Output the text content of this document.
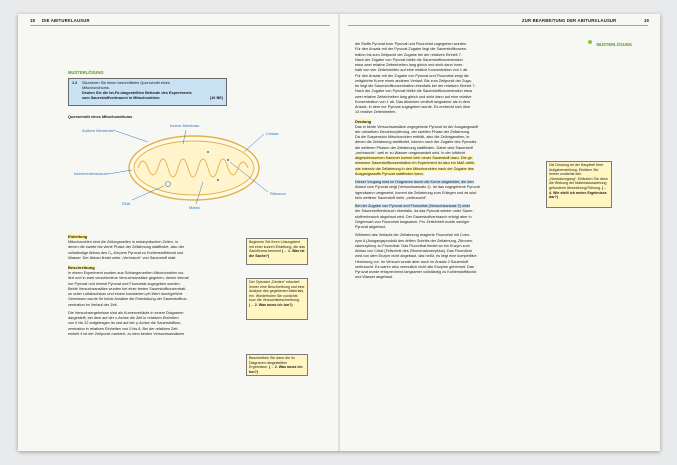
18 DIE ABITURKLAUSUR	ZUR BEARBEITUNG DER ABITURKLAUSUR	19
MUSTERLÖSUNG
1.2 Skizzieren Sie einen beschrifteten Querschnitt eines
Mitochondriums.
Deuten Sie die Ist-Fa dargestellten Befunde des Experiments
zum Sauerstoffverbrauch in Mitochondrien.	(16 BE)
Querschnitt eines Mitochondriums
Äußere Membran
Innere Membran
Cristae
Intermembranraum
DNA
Matrix
Ribosom
Einleitung

Mitochondrien sind die Zellorganellen in eukaryotischen Zellen, in

denen die zweite bis vierte Phase der Zellatmung stattfindet, also der

vollständige Abbau des C₆-Körpers Pyruvat zu Kohlenstoffdioxid und

Wasser. Der Abbau findet unter „Verbrauch“ von Sauerstoff statt.

Beschreibung

In einem Experiment wurden aus Schlangenzellen Mitochondrien iso-

liert und in zwei verschiedene Versuchsansätze gegeben, denen einmal

nur Pyruvat und einmal Pyruvat und Fluorcetat zugegeben wurden.

Beide Versuchsansätze wurden bei einer festen Sauerstoffkonzentrati-

on unter Luftabschluss und einem konstanten pH-Wert durchgeführt.

Gemessen wurde für beide Ansätze die Entwicklung der Sauerstoffkon-

zentration im Verlauf der Zeit.

Die Versuchsergebnisse sind als Kurvenverläufe in einem Diagramm

dargestellt, bei dem auf der x-Achse die Zeit in relativen Einheiten

von 0 bis 22 aufgetragen ist und auf der y-Achse die Sauerstoffkon-

zentration in relativen Einheiten von 0 bis 8. Bei der relativen Zeit-

einheit 4 ist der Zeitpunkt markiert, zu dem beiden Versuchsansätzen

Beginnen Sie Ihren Lösungstext mit einer kurzen Einleitung, die das Sachthema benennt (→ 1. Was ist die Sache?)
Der Operator „Deuten“ erfordert immer eine Beschreibung und eine Analyse des gegebenen Materials, ein. Wiederholen Sie zunächst kurz die Versuchsbeschreibung. (→ 2. Was muss ich tun?)
Beschreiben Sie dann die im Diagramm dargestellten Ergebnisse. (→ 2. Was muss ich tun?)
MUSTERLÖSUNG

die Stoffe Pyruvat bzw. Pyruvat und Fluorcetat zugegeben wurden.

Für den Ansatz mit der Pyruvat-Zugabe liegt die Sauerstoffkonzen-

tration bis zum Zeitpunkt der Zugabe bei der relativen Einheit 7.

Nach der Zugabe von Pyruvat bleibt die Sauerstoffkonzentration

etwa zwei relative Zeiteinheiten lang gleich und sinkt dann inner-

halb von vier Zeiteinheiten auf eine relative Konzentration von 1 ab.

Für den Ansatz mit der Zugabe von Pyruvat und Fluorcetat zeigt die

zeitgleiche Kurve einen anderen Verlauf. Bis zum Zeitpunkt der Zuga-

be liegt die Sauerstoffkonzentration ebenfalls bei der relativen Einheit 7.

Nach der Zugabe von Pyruvat bleibt die Sauerstoffkonzentration etwa

zwei relative Zeiteinheiten lang gleich und sinkt dann auf eine relative

Konzentration von 1 ab. Das Absinken verläuft langsamer als in dem

Ansatz, in dem nur Pyruvat zugegeben wurde. Es erstreckt sich über

14 relative Zeiteinheiten.

Deutung

Das in beide Versuchsansätze zugegebene Pyruvat ist der Ausgangsstoff

der oxidativen Decarboxylierung, der zweiten Phase der Zellatmung.

Da die Suspension Mitochondrien enthält, also die Zellorganellen, in

denen die Zellatmung stattfindet, können nach der Zugabe des Pyruvats

die weiteren Phasen der Zellatmung stattfinden. Dabei wird Sauerstoff

„verbraucht“, weil er zu Wasser umgewandelt wird. In der luftdicht

abgeschlossenen Kammer kommt kein neuer Sauerstoff dazu. Die ge-

messene Sauerstoffkonzentration im Experiment ist also ein Maß dafür,

wie intensiv die Zellatmung in den Mitochondrien nach der Zugabe des

Ausgangsstoffs Pyruvat stattfinden kann.

Dieser Vorgang wird im Diagramm durch die Kurve abgebildet, die den

Ablauf vom Pyruvat zeigt (Versuchsansatz 1). Ist das zugegebene Pyruvat

irgendwann umgesetzt, kommt die Zellatmung zum Erliegen und es wird

kein weiterer Sauerstoff mehr „verbraucht“.

Bei der Zugabe von Pyruvat und Fluorcetat (Versuchsansatz 2) sinkt

der Sauerstoffverbrauch ebenfalls, da das Pyruvat wieder unter Sauer-

stoffverbrauch abgebaut wird. Der Sauerstoffverbrauch erfolgt aber in

Gegenwart von Fluorcetat langsamer. Pro Zeiteinheit wurde weniger

Pyruvat abgebaut.

Während des Verlaufs der Zellatmung reagierte Fluorcetat mit Coen-

zym A (Ausgangsprodukt des dritten Schritts der Zellatmung, Zitronen-

säurezyklus) zu Fluorcitrat. Das Fluorcitrat bindet an ein Enzym zum

Abbau von Citrat (Teilschritt des Zitronensäurezyklus). Das Fluorcitrat

wird von dem Enzym nicht abgebaut, das heißt, es liegt eine kompetitive

Hemmung vor. Im Versuch wurde aber auch im Ansatz 2 Sauerstoff

verbraucht. Es waren also vermutlich nicht alle Enzyme gehemmt. Das

Pyruvat wurde entsprechend langsamer vollständig zu Kohlenstoffdioxid

und Wasser abgebaut.

Die Deutung ist der Hauptteil Ihrer Aufgabenstellung. Erklären Sie immer zunächst den „Normalvorgang“. Erläutern Sie dann die Wirkung der Materialauswertung gefundene Abweichung/Störung. (→ 4. Wie stellt ich meine Ergebnisse dar?)
